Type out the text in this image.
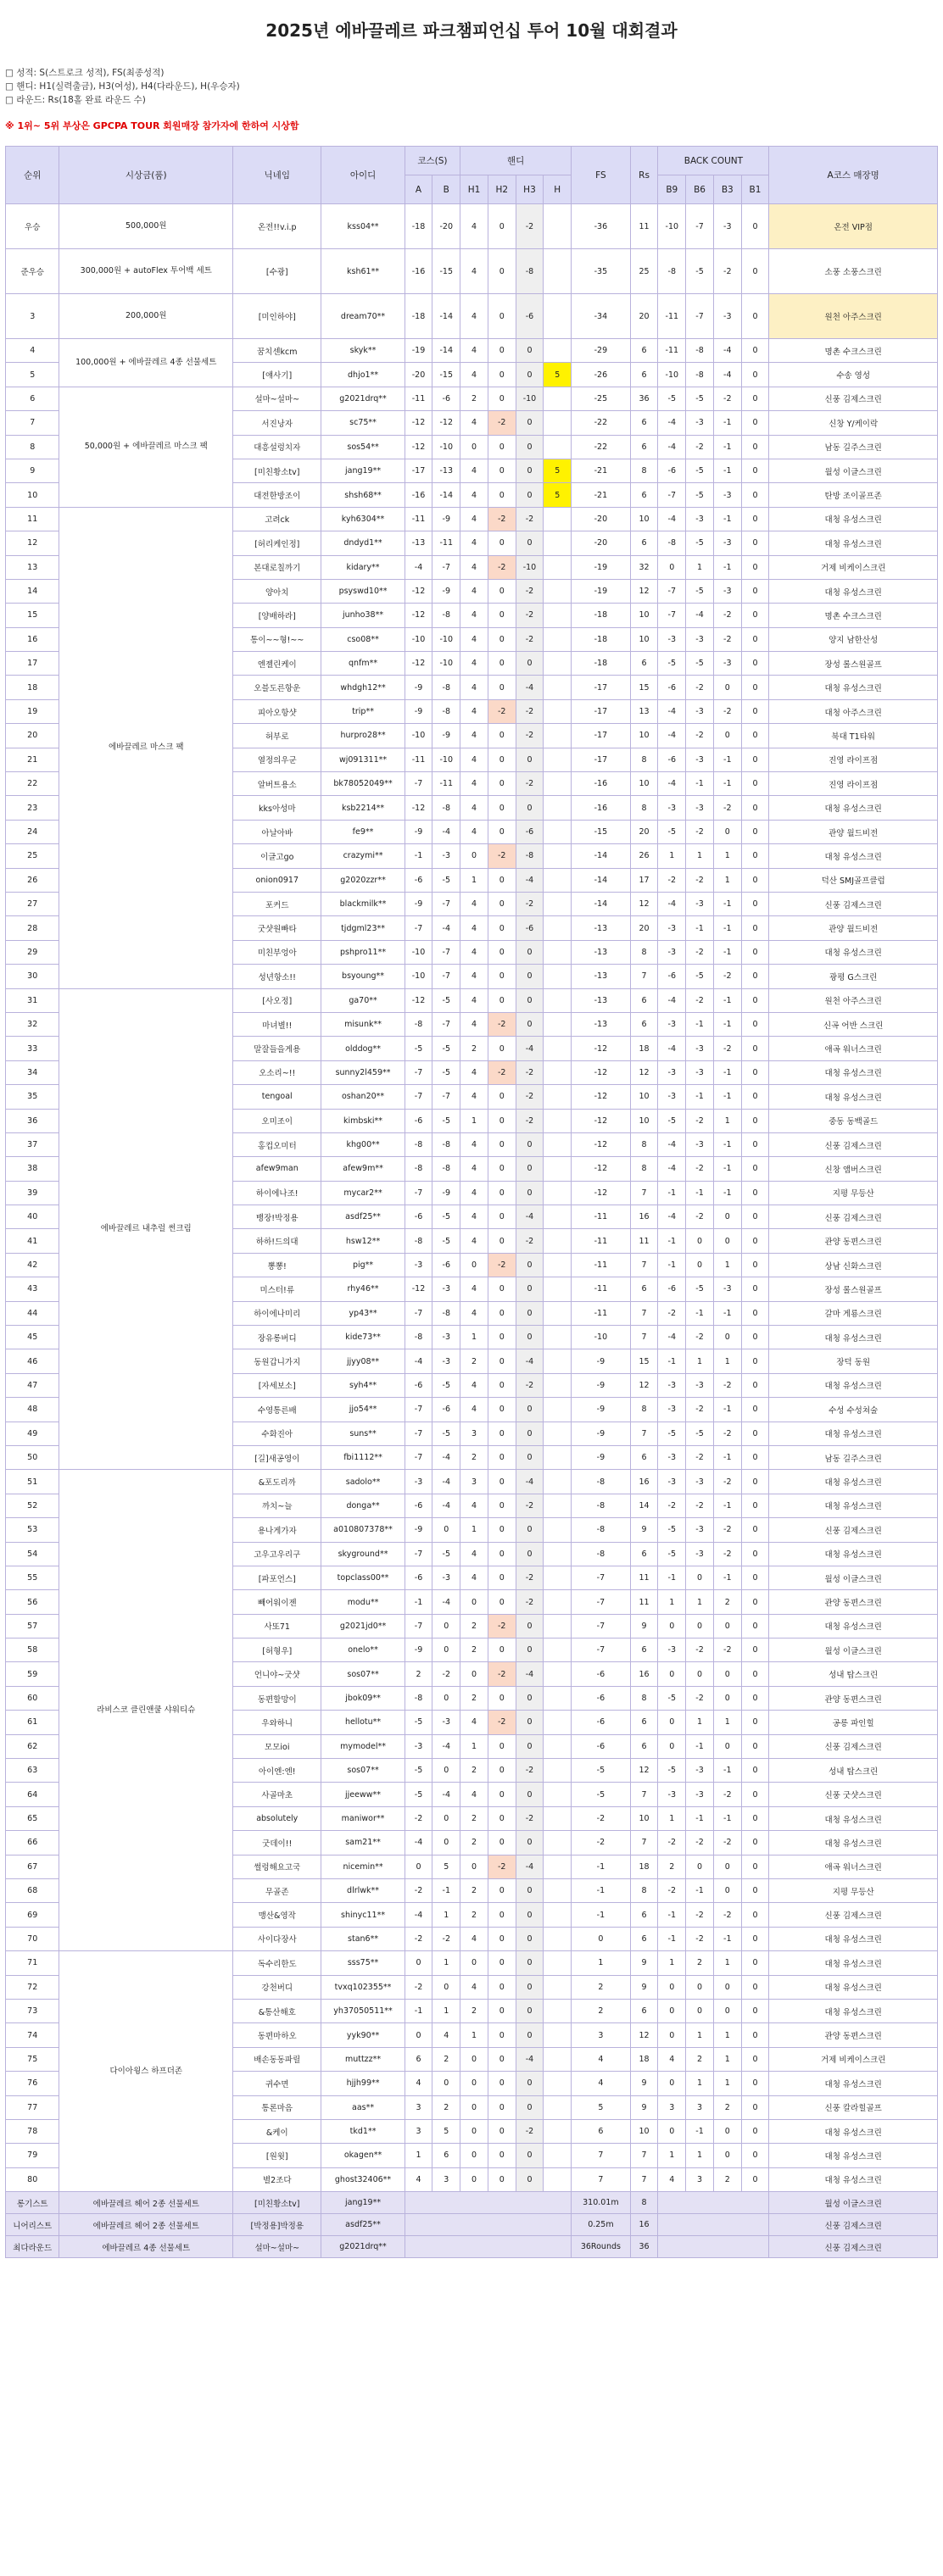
2025년 에바끌레르 파크챔피언십 투어 10월 대회결과
□ 성적: S(스트로크 성적), FS(최종성적)
□ 핸디: H1(실력출금), H3(여성), H4(다라운드), H(우승자)
□ 라운드: Rs(18홀 완료 라운드 수)
※ 1위~ 5위 부상은 GPCPA TOUR 회원매장 참가자에 한하여 시상함
순위	시상금(품)	닉네임	아이디	코스(S)		핸디				FS	Rs	BACK COUNT				A코스 매장명
				A	B	H1	H2	H3	H			B9	B6	B3	B1	
우승	500,000원	온전!!v.i.p	kss04**	-18	-20	4	0	-2		-36	11	-10	-7	-3	0	온전 VIP점
준우승	300,000원 + autoFlex 투어백 세트	[수광]	ksh61**	-16	-15	4	0	-8		-35	25	-8	-5	-2	0	소풍 소풍스크린
3	200,000원	[미인하야]	dream70**	-18	-14	4	0	-6		-34	20	-11	-7	-3	0	원천 아주스크린
4	100,000원 + 에바끌레르 4종 선물세트	꿈치센kcm	skyk**	-19	-14	4	0	0		-29	6	-11	-8	-4	0	명촌 수크스크린
5		[얘사기]	dhjo1**	-20	-15	4	0	0	5	-26	6	-10	-8	-4	0	수송 영성
6	50,000원 + 에바끌레르 마스크 팩	설마~설마~	g2021drq**	-11	-6	2	0	-10		-25	36	-5	-5	-2	0	신풍 김제스크린
7		서진낭자	sc75**	-12	-12	4	-2	0		-22	6	-4	-3	-1	0	신창 Y/케이락
8		대흥설렁치자	sos54**	-12	-10	0	0	0		-22	6	-4	-2	-1	0	남동 길주스크린
9		[미친황소tv]	jang19**	-17	-13	4	0	0	5	-21	8	-6	-5	-1	0	월성 이글스크린
10		대전한방조이	shsh68**	-16	-14	4	0	0	5	-21	6	-7	-5	-3	0	탄방 조이골프존
11	에바끌레르 마스크 팩	고려ck	kyh6304**	-11	-9	4	-2	-2		-20	10	-4	-3	-1	0	대청 유성스크린
12		[허리케인정]	dndyd1**	-13	-11	4	0	0		-20	6	-8	-5	-3	0	대청 유성스크린
13		본대로칠까기	kidary**	-4	-7	4	-2	-10		-19	32	0	1	-1	0	거제 비케이스크린
14		양아치	psyswd10**	-12	-9	4	0	-2		-19	12	-7	-5	-3	0	대청 유성스크린
15		[양배하라]	junho38**	-12	-8	4	0	-2		-18	10	-7	-4	-2	0	명촌 수크스크린
16		통이~~형!~~	cso08**	-10	-10	4	0	-2		-18	10	-3	-3	-2	0	양지 남한산성
17		엔젤린케이	qnfm**	-12	-10	4	0	0		-18	6	-5	-5	-3	0	장성 롤스원골프
18		오블도른항운	whdgh12**	-9	-8	4	0	-4		-17	15	-6	-2	0	0	대청 유성스크린
19		피아오항샷	trip**	-9	-8	4	-2	-2		-17	13	-4	-3	-2	0	대청 아주스크린
20		허부로	hurpro28**	-10	-9	4	0	-2		-17	10	-4	-2	0	0	북대 T1타워
21		열정의우군	wj091311**	-11	-10	4	0	0		-17	8	-6	-3	-1	0	진영 라이프점
22		알버트용소	bk78052049**	-7	-11	4	0	-2		-16	10	-4	-1	-1	0	진영 라이프점
23		kks아성마	ksb2214**	-12	-8	4	0	0		-16	8	-3	-3	-2	0	대청 유성스크린
24		아날아바	fe9**	-9	-4	4	0	-6		-15	20	-5	-2	0	0	관양 월드비전
25		이글고go	crazymi**	-1	-3	0	-2	-8		-14	26	1	1	1	0	대청 유성스크린
26		onion0917	g2020zzr**	-6	-5	1	0	-4		-14	17	-2	-2	1	0	덕산 SMJ골프클럽
27		포커드	blackmilk**	-9	-7	4	0	-2		-14	12	-4	-3	-1	0	신풍 김제스크린
28		굿샷원빠타	tjdgml23**	-7	-4	4	0	-6		-13	20	-3	-1	-1	0	관양 월드비전
29		미친부엉아	pshpro11**	-10	-7	4	0	0		-13	8	-3	-2	-1	0	대청 유성스크린
30		성년항소!!	bsyoung**	-10	-7	4	0	0		-13	7	-6	-5	-2	0	광평 G스크린
31	에바끌레르 내추럴 썬크림	[사오정]	ga70**	-12	-5	4	0	0		-13	6	-4	-2	-1	0	원천 아주스크린
32		마녀별!!	misunk**	-8	-7	4	-2	0		-13	6	-3	-1	-1	0	신곡 어반 스크린
33		말잘들을게용	olddog**	-5	-5	2	0	-4		-12	18	-4	-3	-2	0	애곡 워너스크린
34		오소리~!!	sunny2l459**	-7	-5	4	-2	-2		-12	12	-3	-3	-1	0	대청 유성스크린
35		tengoal	oshan20**	-7	-7	4	0	-2		-12	10	-3	-1	-1	0	대청 유성스크린
36		오미조이	kimbski**	-6	-5	1	0	-2		-12	10	-5	-2	1	0	중동 동백골드
37		홍컵오미터	khg00**	-8	-8	4	0	0		-12	8	-4	-3	-1	0	신풍 김제스크린
38		afew9man	afew9m**	-8	-8	4	0	0		-12	8	-4	-2	-1	0	신창 앰버스크린
39		하이에나조!	mycar2**	-7	-9	4	0	0		-12	7	-1	-1	-1	0	지평 무등산
40		뱅장!박정용	asdf25**	-6	-5	4	0	-4		-11	16	-4	-2	0	0	신풍 김제스크린
41		하하!드의대	hsw12**	-8	-5	4	0	-2		-11	11	-1	0	0	0	관양 동편스크린
42		뽕뽕!	pig**	-3	-6	0	-2	0		-11	7	-1	0	1	0	상남 신화스크린
43		미스터!류	rhy46**	-12	-3	4	0	0		-11	6	-6	-5	-3	0	장성 롤스원골프
44		하이에나미리	yp43**	-7	-8	4	0	0		-11	7	-2	-1	-1	0	갈마 게룡스크린
45		장유롱버디	kide73**	-8	-3	1	0	0		-10	7	-4	-2	0	0	대청 유성스크린
46		동원갑니가지	jjyy08**	-4	-3	2	0	-4		-9	15	-1	1	1	0	장덕 동원
47		[자세보소]	syh4**	-6	-5	4	0	-2		-9	12	-3	-3	-2	0	대청 유성스크린
48		수영통른배	jjo54**	-7	-6	4	0	0		-9	8	-3	-2	-1	0	수성 수성쳐술
49		수화진아	suns**	-7	-5	3	0	0		-9	7	-5	-5	-2	0	대청 유성스크린
50		[길]새공영이	fbi1112**	-7	-4	2	0	0		-9	6	-3	-2	-1	0	남동 길주스크린
51	라비스코 클린앤쿨 샤워티슈	&포도리까	sadolo**	-3	-4	3	0	-4		-8	16	-3	-3	-2	0	대청 유성스크린
52		까치~늘	donga**	-6	-4	4	0	-2		-8	14	-2	-2	-1	0	대청 유성스크린
53		용나게가자	a010807378**	-9	0	1	0	0		-8	9	-5	-3	-2	0	신풍 김제스크린
54		고우고우리구	skyground**	-7	-5	4	0	0		-8	6	-5	-3	-2	0	대청 유성스크린
55		[파포언스]	topclass00**	-6	-3	4	0	-2		-7	11	-1	0	-1	0	월성 이글스크린
56		빼어워이젠	modu**	-1	-4	0	0	-2		-7	11	1	1	2	0	관양 동편스크린
57		사또71	g2021jd0**	-7	0	2	-2	0		-7	9	0	0	0	0	대청 유성스크린
58		[허형우]	onelo**	-9	0	2	0	0		-7	6	-3	-2	-2	0	월성 이글스크린
59		언니야~굿샷	sos07**	2	-2	0	-2	-4		-6	16	0	0	0	0	성내 탑스크린
60		동편할망이	jbok09**	-8	0	2	0	0		-6	8	-5	-2	0	0	관양 동편스크린
61		우와하니	hellotu**	-5	-3	4	-2	0		-6	6	0	1	1	0	공릉 파인힐
62		모모ioi	mymodel**	-3	-4	1	0	0		-6	6	0	-1	0	0	신풍 김제스크린
63		아이엔:엔!	sos07**	-5	0	2	0	-2		-5	12	-5	-3	-1	0	성내 탑스크린
64		사골마초	jjeeww**	-5	-4	4	0	0		-5	7	-3	-3	-2	0	신풍 굿샷스크린
65		absolutely	maniwor**	-2	0	2	0	-2		-2	10	1	-1	-1	0	대청 유성스크린
66		굿데이!!	sam21**	-4	0	2	0	0		-2	7	-2	-2	-2	0	대청 유성스크린
67		썰렁해요고국	nicemin**	0	5	0	-2	-4		-1	18	2	0	0	0	애곡 워너스크린
68		무골존	dlrlwk**	-2	-1	2	0	0		-1	8	-2	-1	0	0	지평 무등산
69		맹산&영작	shinyc11**	-4	1	2	0	0		-1	6	-1	-2	-2	0	신풍 김제스크린
70		사이다장사	stan6**	-2	-2	4	0	0		0	6	-1	-2	-1	0	대청 유성스크린
71	다이아윙스 하프더존	독수리한도	sss75**	0	1	0	0	0		1	9	1	2	1	0	대청 유성스크린
72		강천버디	tvxq102355**	-2	0	4	0	0		2	9	0	0	0	0	대청 유성스크린
73		&통산해호	yh37050511**	-1	1	2	0	0		2	6	0	0	0	0	대청 유성스크린
74		동편마하오	yyk90**	0	4	1	0	0		3	12	0	1	1	0	관양 동편스크린
75		배손동동파릴	muttzz**	6	2	0	0	-4		4	18	4	2	1	0	거제 비케이스크린
76		귀수면	hjjh99**	4	0	0	0	0		4	9	0	1	1	0	대청 유성스크린
77		통론마음	aas**	3	2	0	0	0		5	9	3	3	2	0	신풍 칼라힐골프
78		&케이	tkd1**	3	5	0	0	-2		6	10	0	-1	0	0	대청 유성스크린
79		[원윗]	okagen**	1	6	0	0	0		7	7	1	1	0	0	대청 유성스크린
80		별2조다	ghost32406**	4	3	0	0	0		7	7	4	3	2	0	대청 유성스크린
롱기스트	에바끌레르 헤어 2종 선물세트	[미친황소tv]	jang19**							310.01m	8					월성 이글스크린
니어리스트	에바끌레르 헤어 2종 선물세트	[박정용]박정용	asdf25**							0.25m	16					신풍 김제스크린
최다라운드	에바끌레르 4종 선물세트	설마~설마~	g2021drq**							36Rounds	36					신풍 김제스크린
